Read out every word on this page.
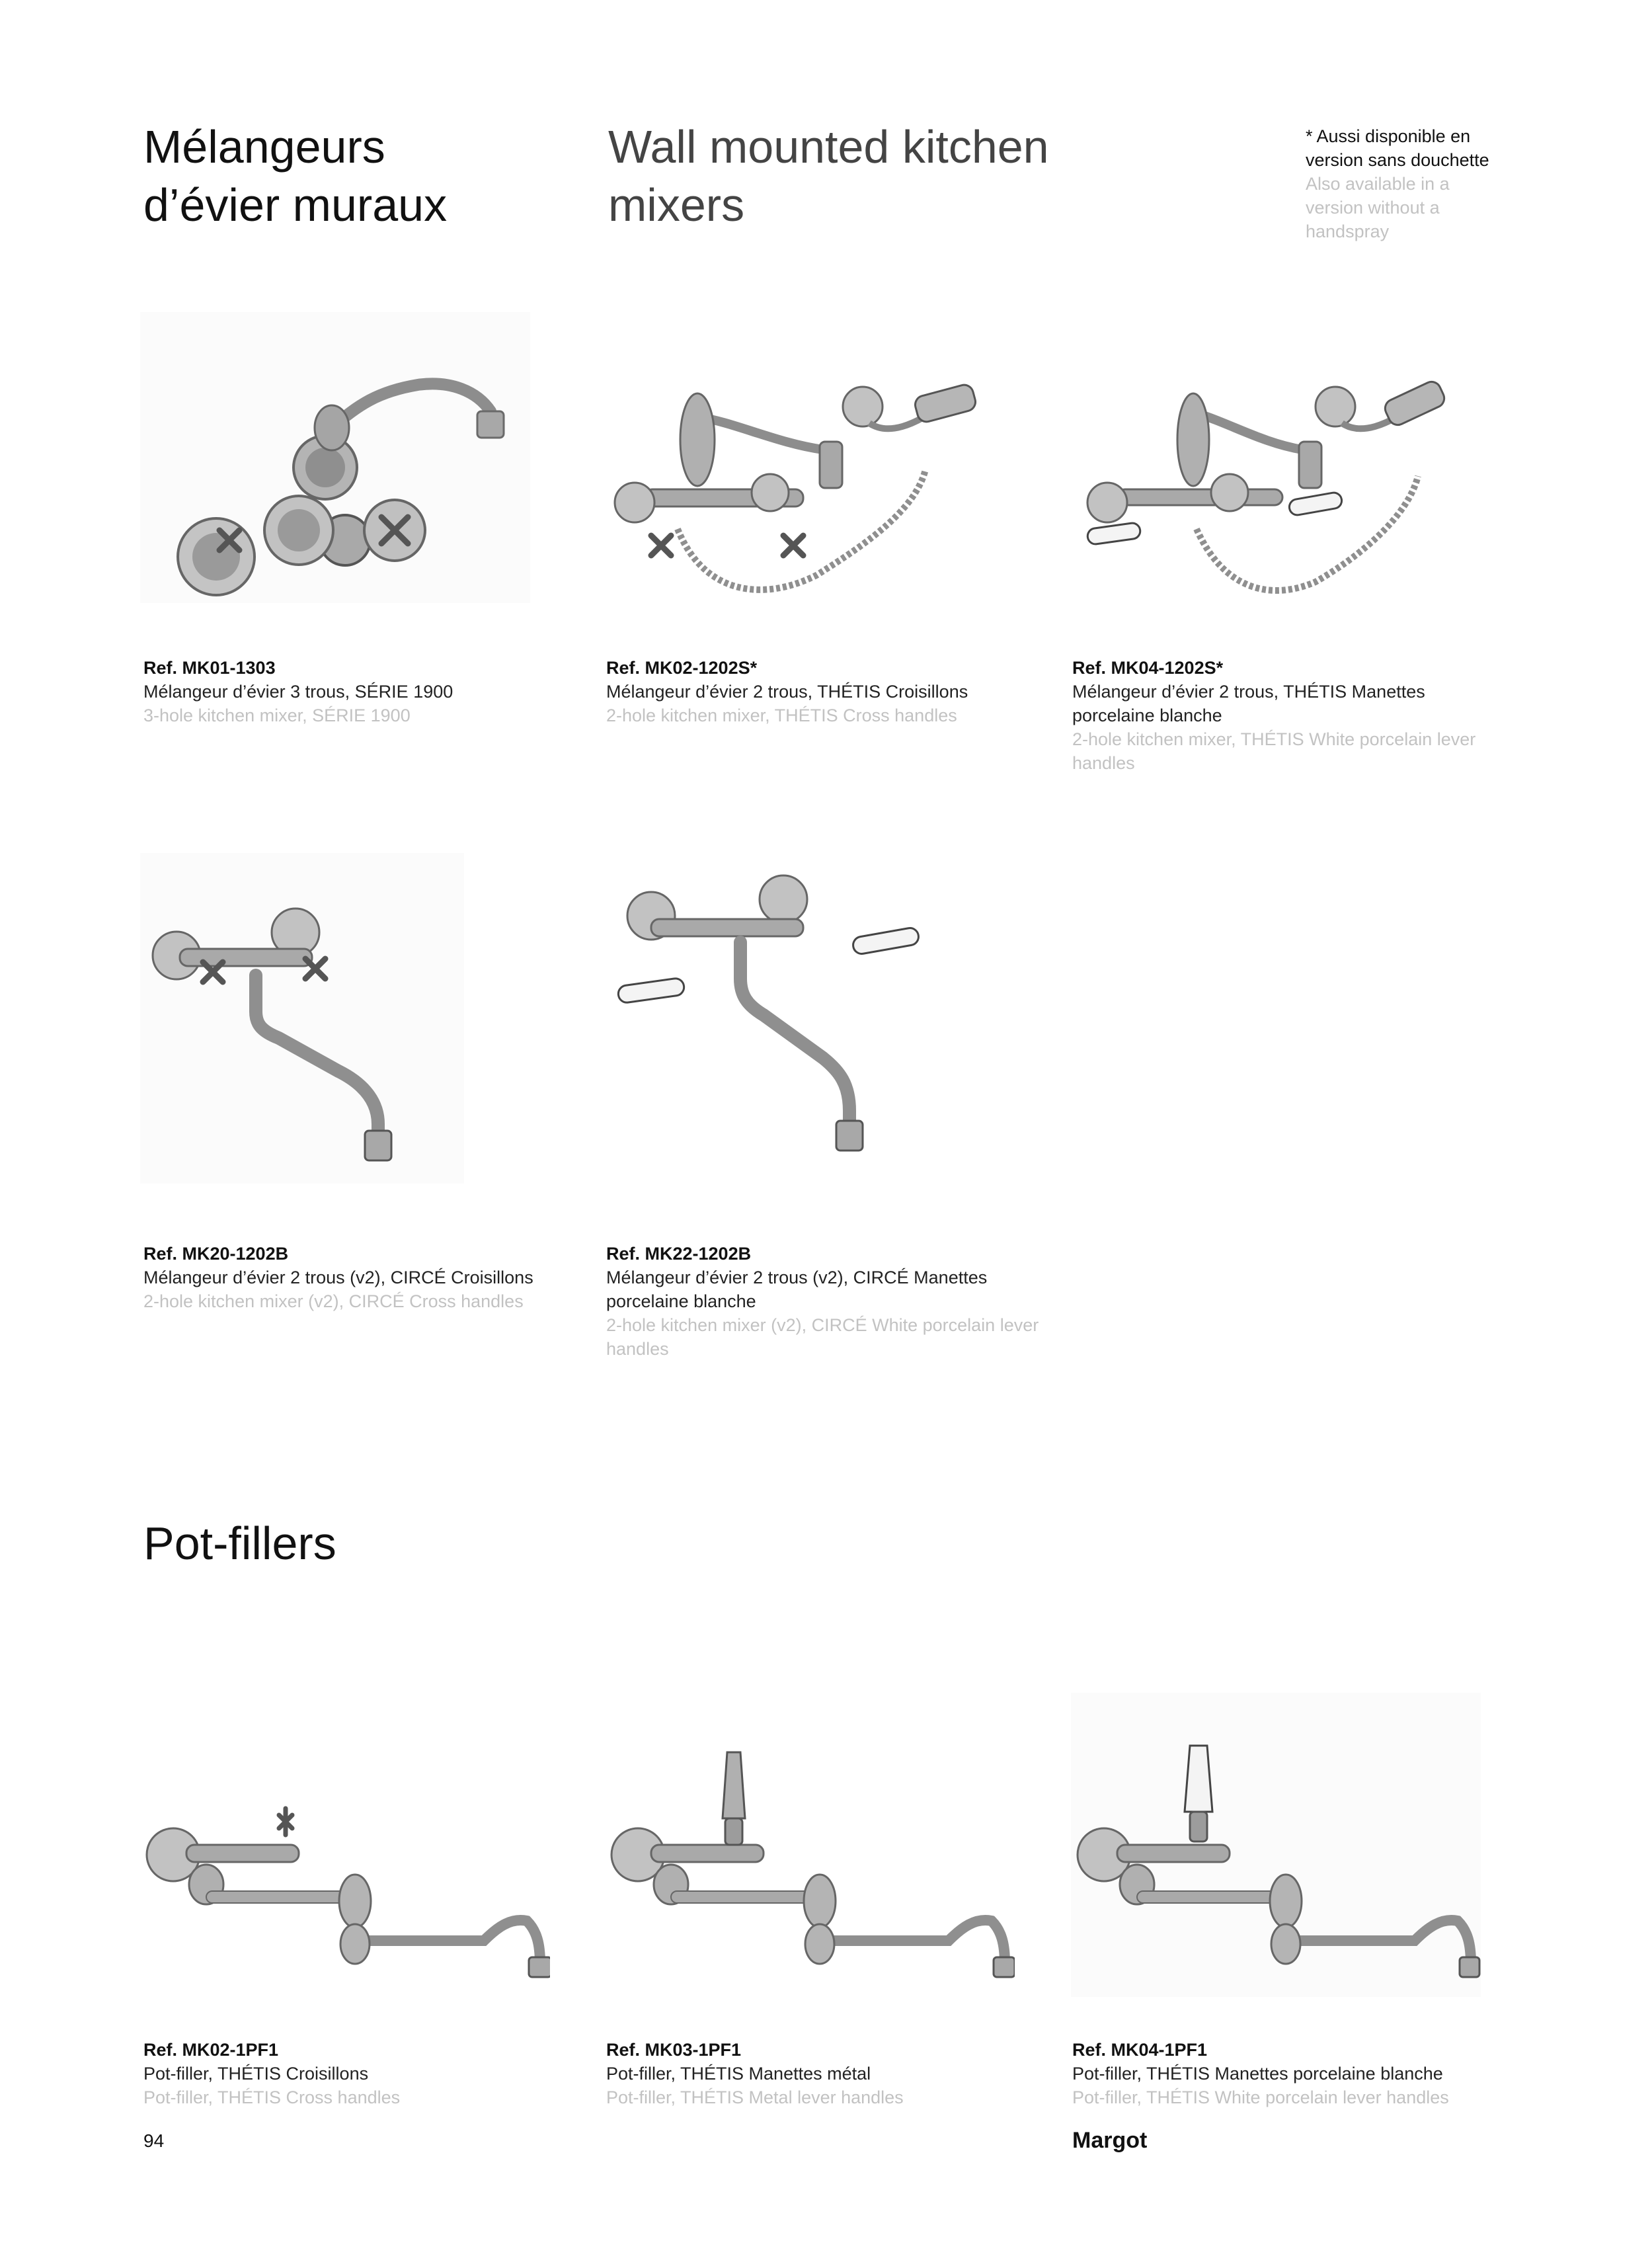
Mélangeurs
d’évier muraux
Wall mounted kitchen
mixers
* Aussi disponible en version sans douchette Also available in a version without a handspray
Ref. MK01-1303
Mélangeur d’évier 3 trous, SÉRIE 1900
3-hole kitchen mixer, SÉRIE 1900
Ref. MK02-1202S*
Mélangeur d’évier 2 trous, THÉTIS Croisillons
2-hole kitchen mixer, THÉTIS Cross handles
Ref. MK04-1202S*
Mélangeur d’évier 2 trous, THÉTIS Manettes porcelaine blanche
2-hole kitchen mixer, THÉTIS White porcelain lever handles
Ref. MK20-1202B
Mélangeur d’évier 2 trous (v2), CIRCÉ Croisillons
2-hole kitchen mixer (v2), CIRCÉ Cross handles
Ref. MK22-1202B
Mélangeur d’évier 2 trous (v2), CIRCÉ Manettes porcelaine blanche
2-hole kitchen mixer (v2), CIRCÉ White porcelain lever handles
Pot-fillers
Ref. MK02-1PF1
Pot-filler, THÉTIS Croisillons
Pot-filler, THÉTIS Cross handles
Ref. MK03-1PF1
Pot-filler, THÉTIS Manettes métal
Pot-filler, THÉTIS Metal lever handles
Ref. MK04-1PF1
Pot-filler, THÉTIS Manettes porcelaine blanche
Pot-filler, THÉTIS White porcelain lever handles
94	Margot
